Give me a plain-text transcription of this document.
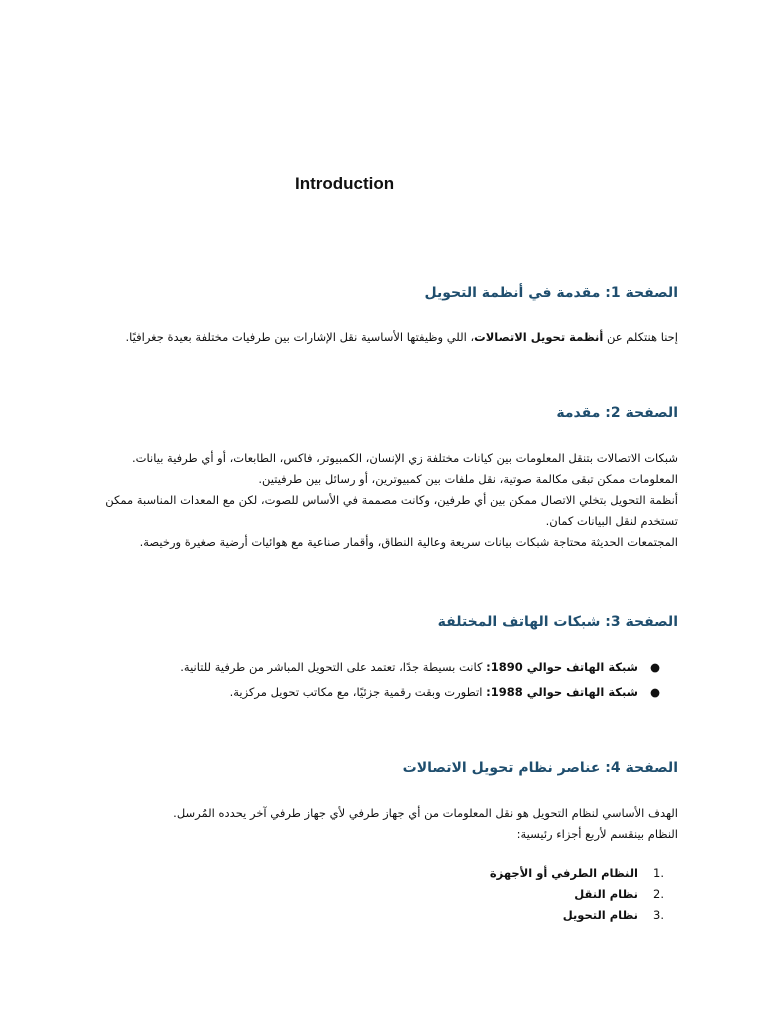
Introduction
الصفحة 1: مقدمة في أنظمة التحويل

إحنا هنتكلم عن أنظمة تحويل الاتصالات، اللي وظيفتها الأساسية نقل الإشارات بين طرفيات مختلفة بعيدة جغرافيًا.

الصفحة 2: مقدمة
شبكات الاتصالات بتنقل المعلومات بين كيانات مختلفة زي الإنسان، الكمبيوتر، فاكس، الطابعات، أو أي طرفية بيانات.
المعلومات ممكن تبقى مكالمة صوتية، نقل ملفات بين كمبيوترين، أو رسائل بين طرفيتين.
أنظمة التحويل بتخلي الاتصال ممكن بين أي طرفين، وكانت مصممة في الأساس للصوت، لكن مع المعدات المناسبة ممكن
تستخدم لنقل البيانات كمان.
المجتمعات الحديثة محتاجة شبكات بيانات سريعة وعالية النطاق، وأقمار صناعية مع هوائيات أرضية صغيرة ورخيصة.
الصفحة 3: شبكات الهاتف المختلفة
●
شبكة الهاتف حوالي 1890: كانت بسيطة جدًا، تعتمد على التحويل المباشر من طرفية للتانية.
●
شبكة الهاتف حوالي 1988: اتطورت وبقت رقمية جزئيًا، مع مكاتب تحويل مركزية.
الصفحة 4: عناصر نظام تحويل الاتصالات
الهدف الأساسي لنظام التحويل هو نقل المعلومات من أي جهاز طرفي لأي جهاز طرفي آخر يحدده المُرسل.
النظام بينقسم لأربع أجزاء رئيسية:
1.
النظام الطرفي أو الأجهزة
2.
نظام النقل
3.
نظام التحويل
